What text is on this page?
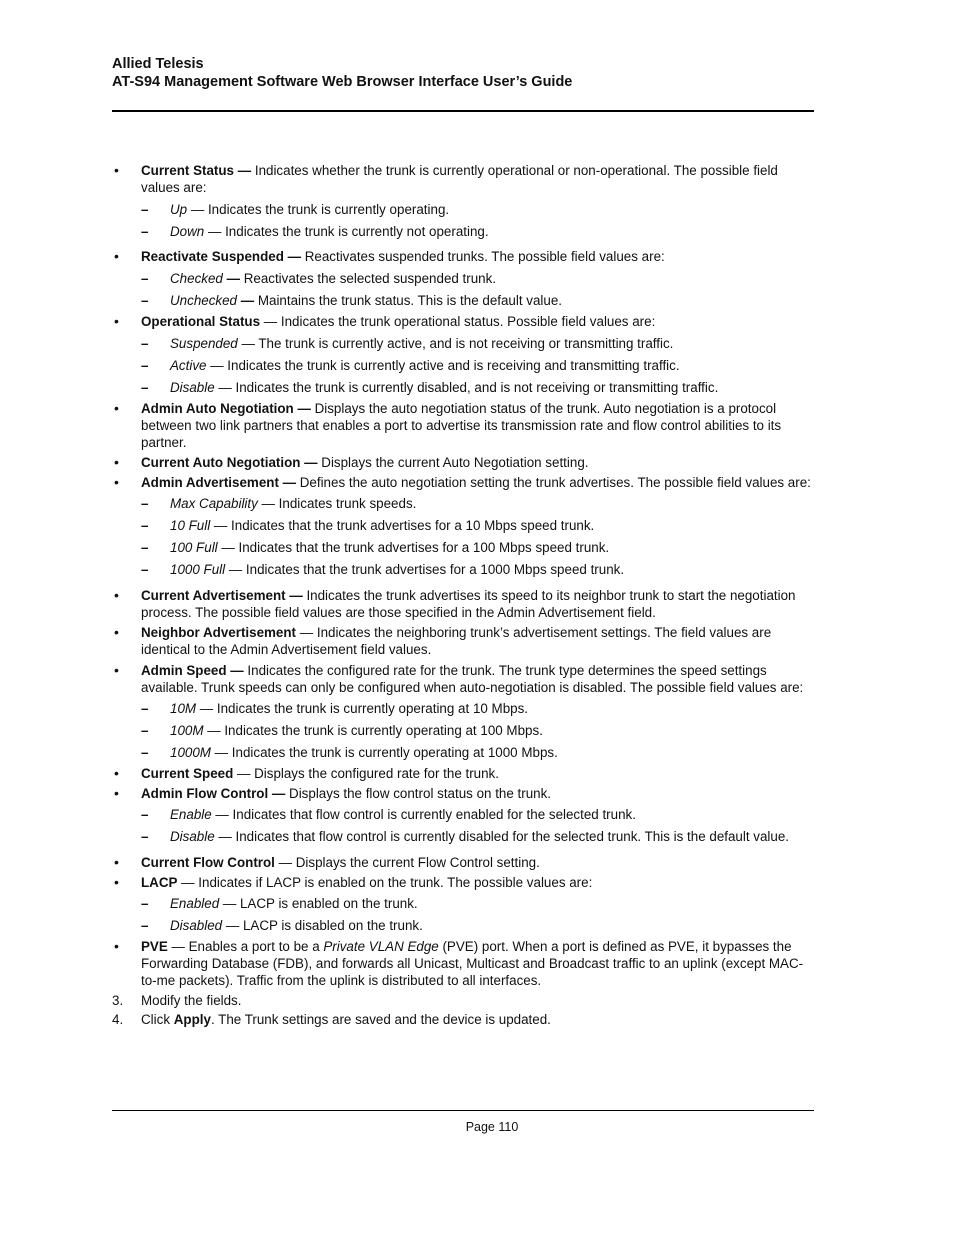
Allied Telesis
AT-S94 Management Software Web Browser Interface User’s Guide
•	Current Status — Indicates whether the trunk is currently operational or non-operational. The possible field values are:
–	Up — Indicates the trunk is currently operating.
–	Down — Indicates the trunk is currently not operating.
•	Reactivate Suspended — Reactivates suspended trunks. The possible field values are:
–	Checked — Reactivates the selected suspended trunk.
–	Unchecked — Maintains the trunk status. This is the default value.
•	Operational Status — Indicates the trunk operational status. Possible field values are:
–	Suspended — The trunk is currently active, and is not receiving or transmitting traffic.
–	Active — Indicates the trunk is currently active and is receiving and transmitting traffic.
–	Disable — Indicates the trunk is currently disabled, and is not receiving or transmitting traffic.
•	Admin Auto Negotiation — Displays the auto negotiation status of the trunk. Auto negotiation is a protocol between two link partners that enables a port to advertise its transmission rate and flow control abilities to its partner.
•	Current Auto Negotiation — Displays the current Auto Negotiation setting.
•	Admin Advertisement — Defines the auto negotiation setting the trunk advertises. The possible field values are:
–	Max Capability — Indicates trunk speeds.
–	10 Full — Indicates that the trunk advertises for a 10 Mbps speed trunk.
–	100 Full — Indicates that the trunk advertises for a 100 Mbps speed trunk.
–	1000 Full — Indicates that the trunk advertises for a 1000 Mbps speed trunk.
•	Current Advertisement — Indicates the trunk advertises its speed to its neighbor trunk to start the negotiation process. The possible field values are those specified in the Admin Advertisement field.
•	Neighbor Advertisement — Indicates the neighboring trunk’s advertisement settings. The field values are identical to the Admin Advertisement field values.
•	Admin Speed — Indicates the configured rate for the trunk. The trunk type determines the speed settings available. Trunk speeds can only be configured when auto-negotiation is disabled. The possible field values are:
–	10M — Indicates the trunk is currently operating at 10 Mbps.
–	100M — Indicates the trunk is currently operating at 100 Mbps.
–	1000M — Indicates the trunk is currently operating at 1000 Mbps.
•	Current Speed — Displays the configured rate for the trunk.
•	Admin Flow Control — Displays the flow control status on the trunk.
–	Enable — Indicates that flow control is currently enabled for the selected trunk.
–	Disable — Indicates that flow control is currently disabled for the selected trunk. This is the default value.
•	Current Flow Control — Displays the current Flow Control setting.
•	LACP — Indicates if LACP is enabled on the trunk. The possible values are:
–	Enabled — LACP is enabled on the trunk.
–	Disabled — LACP is disabled on the trunk.
•	PVE — Enables a port to be a Private VLAN Edge (PVE) port. When a port is defined as PVE, it bypasses the Forwarding Database (FDB), and forwards all Unicast, Multicast and Broadcast traffic to an uplink (except MAC-to-me packets). Traffic from the uplink is distributed to all interfaces.
3.	Modify the fields.
4.	Click Apply. The Trunk settings are saved and the device is updated.
Page 110
